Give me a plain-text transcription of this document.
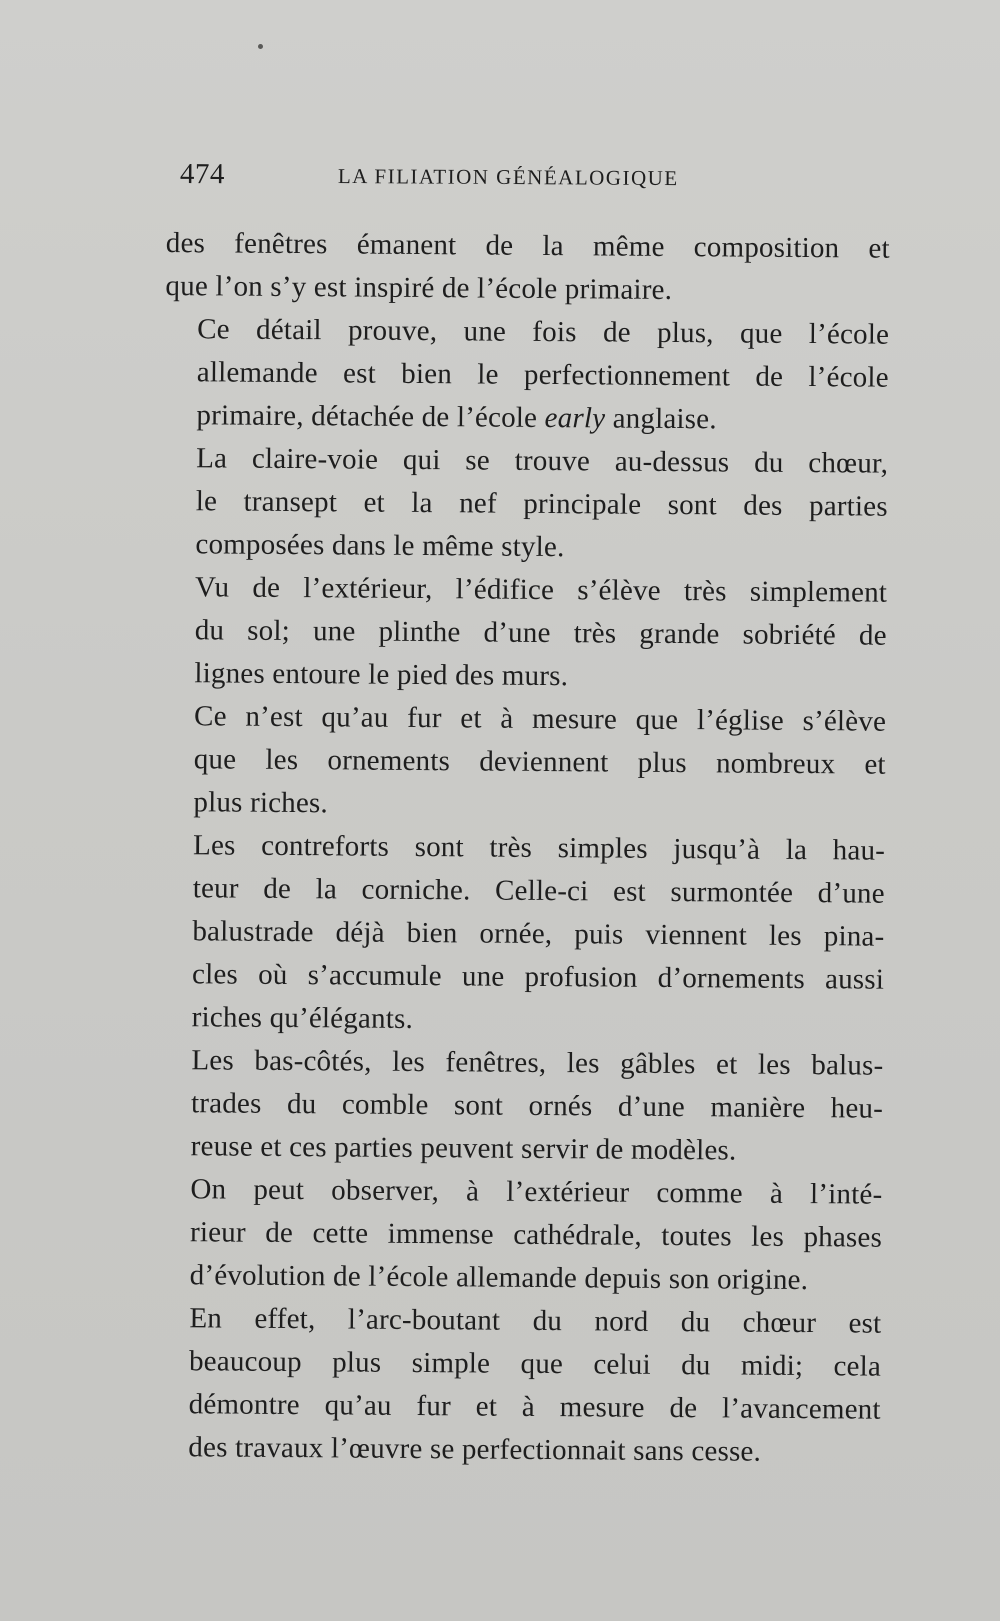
474	LA FILIATION GÉNÉALOGIQUE

des fenêtres émanent de la même composition et
que l’on s’y est inspiré de l’école primaire.

Ce détail prouve, une fois de plus, que l’école
allemande est bien le perfectionnement de l’école
primaire, détachée de l’école early anglaise.

La claire-voie qui se trouve au-dessus du chœur,
le transept et la nef principale sont des parties
composées dans le même style.

Vu de l’extérieur, l’édifice s’élève très simplement
du sol; une plinthe d’une très grande sobriété de
lignes entoure le pied des murs.

Ce n’est qu’au fur et à mesure que l’église s’élève
que les ornements deviennent plus nombreux et
plus riches.

Les contreforts sont très simples jusqu’à la hau-
teur de la corniche. Celle-ci est surmontée d’une
balustrade déjà bien ornée, puis viennent les pina-
cles où s’accumule une profusion d’ornements aussi
riches qu’élégants.

Les bas-côtés, les fenêtres, les gâbles et les balus-
trades du comble sont ornés d’une manière heu-
reuse et ces parties peuvent servir de modèles.

On peut observer, à l’extérieur comme à l’inté-
rieur de cette immense cathédrale, toutes les phases
d’évolution de l’école allemande depuis son origine.

En effet, l’arc-boutant du nord du chœur est
beaucoup plus simple que celui du midi; cela
démontre qu’au fur et à mesure de l’avancement
des travaux l’œuvre se perfectionnait sans cesse.
